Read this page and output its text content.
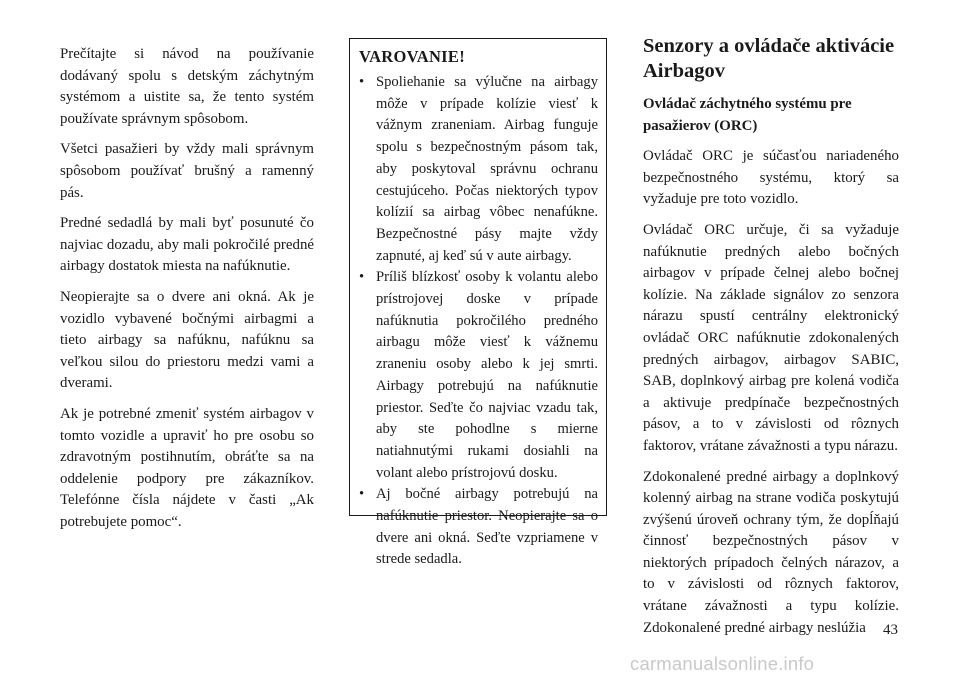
Prečítajte si návod na používanie dodávaný spolu s detským záchytným systémom a uistite sa, že tento systém používate správnym spôsobom.

Všetci pasažieri by vždy mali správnym spôsobom používať brušný a ramenný pás.

Predné sedadlá by mali byť posunuté čo najviac dozadu, aby mali pokročilé predné airbagy dostatok miesta na nafúknutie.

Neopierajte sa o dvere ani okná. Ak je vozidlo vybavené bočnými airbagmi a tieto airbagy sa nafúknu, nafúknu sa veľkou silou do priestoru medzi vami a dverami.

Ak je potrebné zmeniť systém airbagov v tomto vozidle a upraviť ho pre osobu so zdravotným postihnutím, obráťte sa na oddelenie podpory pre zákazníkov. Telefónne čísla nájdete v časti „Ak potrebujete pomoc“.

VAROVANIE!
• Spoliehanie sa výlučne na airbagy môže v prípade kolízie viesť k vážnym zraneniam. Airbag funguje spolu s bezpečnostným pásom tak, aby poskytoval správnu ochranu cestujúceho. Počas niektorých typov kolízií sa airbag vôbec nenafúkne. Bezpečnostné pásy majte vždy zapnuté, aj keď sú v aute airbagy.
• Príliš blízkosť osoby k volantu alebo prístrojovej doske v prípade nafúknutia pokročilého predného airbagu môže viesť k vážnemu zraneniu osoby alebo k jej smrti. Airbagy potrebujú na nafúknutie priestor. Seďte čo najviac vzadu tak, aby ste pohodlne s mierne natiahnutými rukami dosiahli na volant alebo prístrojovú dosku.
• Aj bočné airbagy potrebujú na nafúknutie priestor. Neopierajte sa o dvere ani okná. Seďte vzpriamene v strede sedadla.
Senzory a ovládače aktivácie Airbagov
Ovládač záchytného systému pre pasažierov (ORC)

Ovládač ORC je súčasťou nariadeného bezpečnostného systému, ktorý sa vyžaduje pre toto vozidlo.

Ovládač ORC určuje, či sa vyžaduje nafúknutie predných alebo bočných airbagov v prípade čelnej alebo bočnej kolízie. Na základe signálov zo senzora nárazu spustí centrálny elektronický ovládač ORC nafúknutie zdokonalených predných airbagov, airbagov SABIC, SAB, doplnkový airbag pre kolená vodiča a aktivuje predpínače bezpečnostných pásov, a to v závislosti od rôznych faktorov, vrátane závažnosti a typu nárazu.

Zdokonalené predné airbagy a doplnkový kolenný airbag na strane vodiča poskytujú zvýšenú úroveň ochrany tým, že dopĺňajú činnosť bezpečnostných pásov v niektorých prípadoch čelných nárazov, a to v závislosti od rôznych faktorov, vrátane závažnosti a typu kolízie. Zdokonalené predné airbagy neslúžia	43
carmanualsonline.info
